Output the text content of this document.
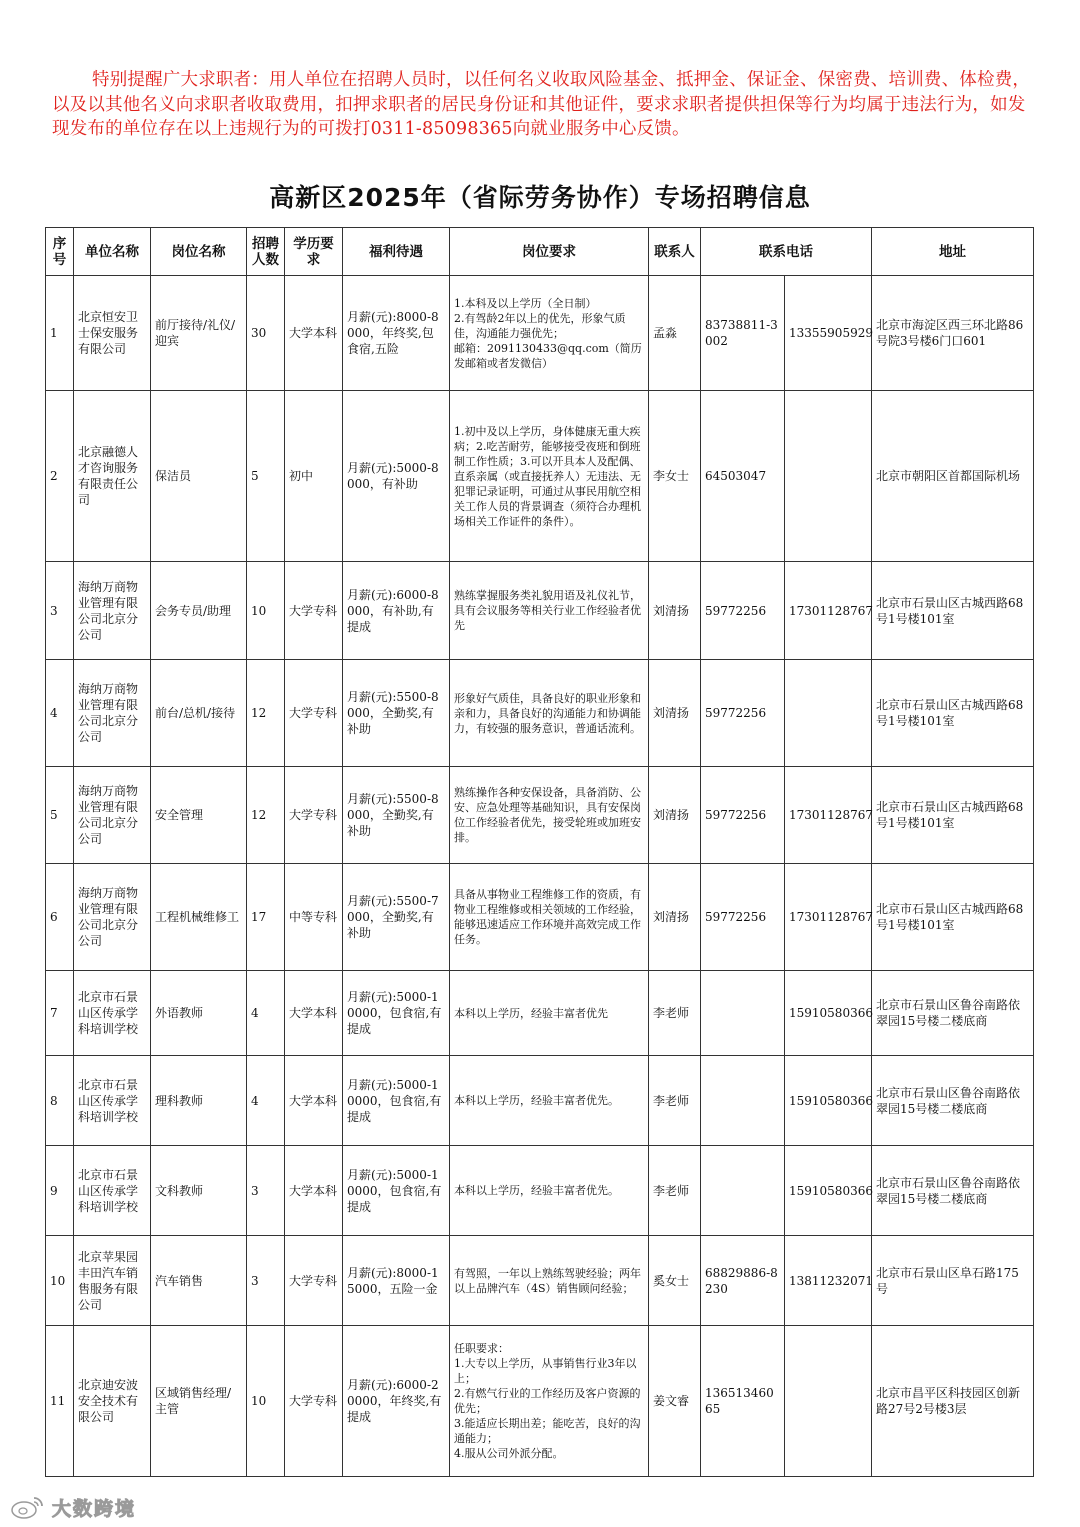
特别提醒广大求职者：用人单位在招聘人员时，以任何名义收取风险基金、抵押金、保证金、保密费、培训费、体检费，以及以其他名义向求职者收取费用，扣押求职者的居民身份证和其他证件，要求求职者提供担保等行为均属于违法行为，如发现发布的单位存在以上违规行为的可拨打0311-85098365向就业服务中心反馈。
高新区2025年（省际劳务协作）专场招聘信息
序号	单位名称	岗位名称	招聘人数	学历要求	福利待遇	岗位要求	联系人	联系电话		地址
1	北京恒安卫士保安服务有限公司	前厅接待/礼仪/迎宾	30	大学本科	月薪(元):8000-8000，年终奖,包食宿,五险	1.本科及以上学历（全日制）
2.有驾龄2年以上的优先，形象气质佳，沟通能力强优先；
邮箱：2091130433@qq.com（简历发邮箱或者发微信）	孟淼	83738811-3002	13355905929	北京市海淀区西三环北路86号院3号楼6门口601
2	北京融德人才咨询服务有限责任公司	保洁员	5	初中	月薪(元):5000-8000，有补助	1.初中及以上学历，身体健康无重大疾病；2.吃苦耐劳，能够接受夜班和倒班制工作性质；3.可以开具本人及配偶、直系亲属（或直接抚养人）无违法、无犯罪记录证明，可通过从事民用航空相关工作人员的背景调查（须符合办理机场相关工作证件的条件）。	李女士	64503047		北京市朝阳区首都国际机场
3	海纳万商物业管理有限公司北京分公司	会务专员/助理	10	大学专科	月薪(元):6000-8000，有补助,有提成	熟练掌握服务类礼貌用语及礼仪礼节，具有会议服务等相关行业工作经验者优先	刘清扬	59772256	17301128767	北京市石景山区古城西路68号1号楼101室
4	海纳万商物业管理有限公司北京分公司	前台/总机/接待	12	大学专科	月薪(元):5500-8000，全勤奖,有补助	形象好气质佳，具备良好的职业形象和亲和力，具备良好的沟通能力和协调能力，有较强的服务意识，普通话流利。	刘清扬	59772256		北京市石景山区古城西路68号1号楼101室
5	海纳万商物业管理有限公司北京分公司	安全管理	12	大学专科	月薪(元):5500-8000，全勤奖,有补助	熟练操作各种安保设备，具备消防、公安、应急处理等基础知识，具有安保岗位工作经验者优先，接受轮班或加班安排。	刘清扬	59772256	17301128767	北京市石景山区古城西路68号1号楼101室
6	海纳万商物业管理有限公司北京分公司	工程机械维修工	17	中等专科	月薪(元):5500-7000，全勤奖,有补助	具备从事物业工程维修工作的资质，有物业工程维修或相关领域的工作经验，能够迅速适应工作环境并高效完成工作任务。	刘清扬	59772256	17301128767	北京市石景山区古城西路68号1号楼101室
7	北京市石景山区传承学科培训学校	外语教师	4	大学本科	月薪(元):5000-10000，包食宿,有提成	本科以上学历，经验丰富者优先	李老师		15910580366	北京市石景山区鲁谷南路依翠园15号楼二楼底商
8	北京市石景山区传承学科培训学校	理科教师	4	大学本科	月薪(元):5000-10000，包食宿,有提成	本科以上学历，经验丰富者优先。	李老师		15910580366	北京市石景山区鲁谷南路依翠园15号楼二楼底商
9	北京市石景山区传承学科培训学校	文科教师	3	大学本科	月薪(元):5000-10000，包食宿,有提成	本科以上学历，经验丰富者优先。	李老师		15910580366	北京市石景山区鲁谷南路依翠园15号楼二楼底商
10	北京苹果园丰田汽车销售服务有限公司	汽车销售	3	大学专科	月薪(元):8000-15000，五险一金	有驾照，一年以上熟练驾驶经验；两年以上品牌汽车（4S）销售顾问经验；	奚女士	68829886-8230	13811232071	北京市石景山区阜石路175号
11	北京迪安波安全技术有限公司	区域销售经理/主管	10	大学专科	月薪(元):6000-20000，年终奖,有提成	任职要求：
1.大专以上学历，从事销售行业3年以上；
2.有燃气行业的工作经历及客户资源的优先；
3.能适应长期出差；能吃苦，良好的沟通能力；
4.服从公司外派分配。	姜文睿	13651346065		北京市昌平区科技园区创新路27号2号楼3层
大数跨境
